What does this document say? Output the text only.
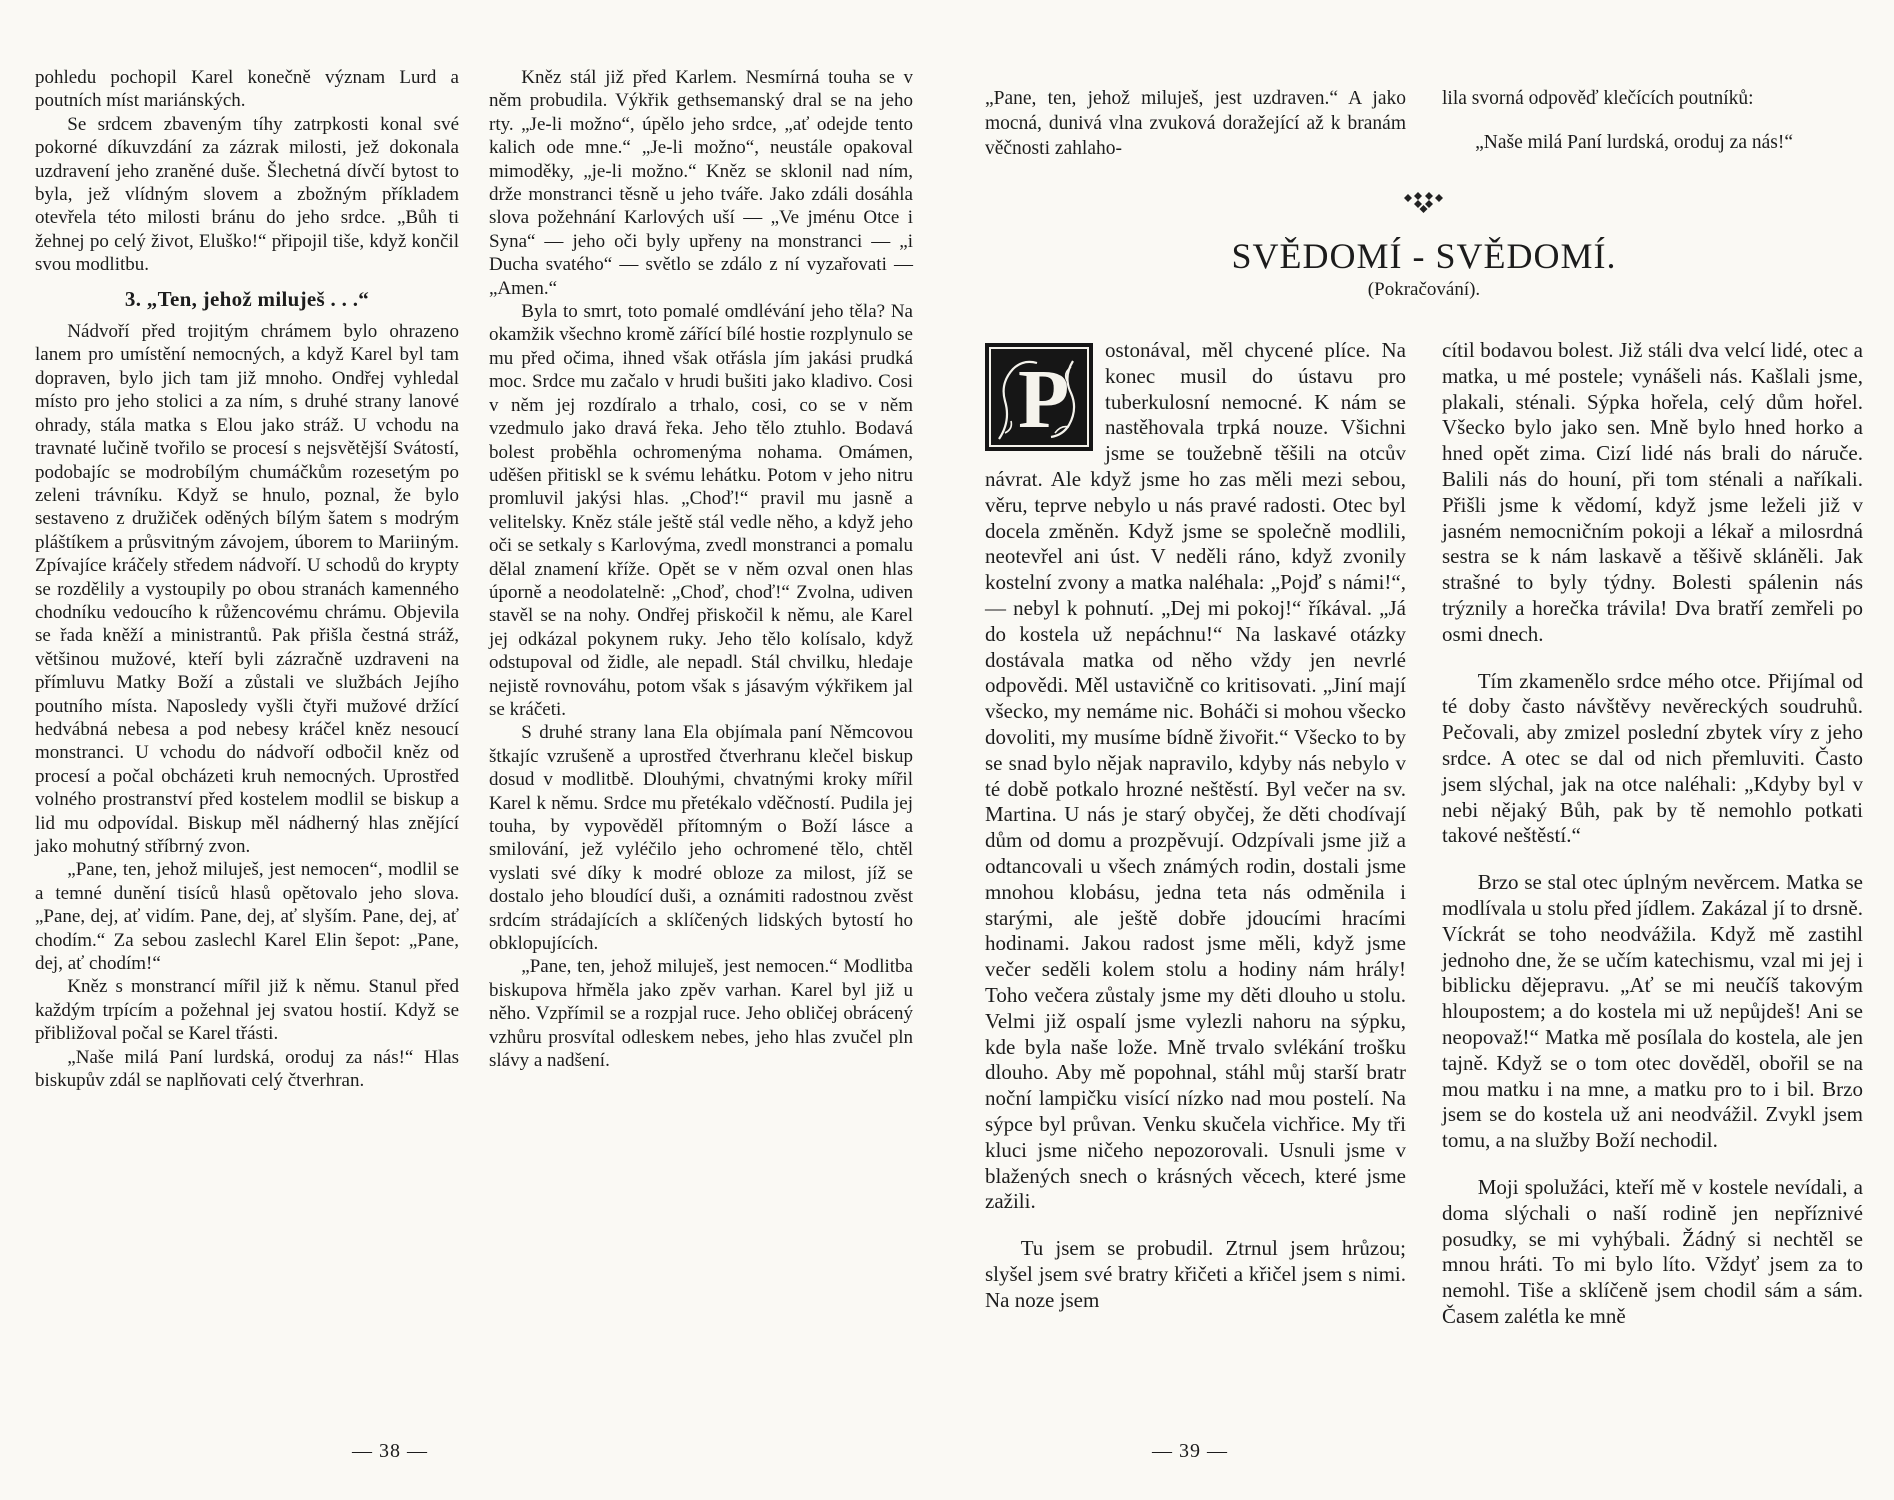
pohledu pochopil Karel konečně význam Lurd a poutních míst mariánských.

Se srdcem zbaveným tíhy zatrpkosti konal své pokorné díkuvzdání za zázrak milosti, jež dokonala uzdravení jeho zraněné duše. Šlechetná dívčí bytost to byla, jež vlídným slovem a zbožným příkladem otevřela této milosti bránu do jeho srdce. „Bůh ti žehnej po celý život, Eluško!“ připojil tiše, když končil svou modlitbu.

3. „Ten, jehož miluješ . . .“

Nádvoří před trojitým chrámem bylo ohrazeno lanem pro umístění nemocných, a když Karel byl tam dopraven, bylo jich tam již mnoho. Ondřej vyhledal místo pro jeho stolici a za ním, s druhé strany lanové ohrady, stála matka s Elou jako stráž. U vchodu na travnaté lučině tvořilo se procesí s nejsvětější Svátostí, podobajíc se modrobílým chumáčkům rozesetým po zeleni trávníku. Když se hnulo, poznal, že bylo sestaveno z družiček oděných bílým šatem s modrým pláštíkem a průsvitným závojem, úborem to Mariiným. Zpívajíce kráčely středem nádvoří. U schodů do krypty se rozdělily a vystoupily po obou stranách kamenného chodníku vedoucího k růžencovému chrámu. Objevila se řada kněží a ministrantů. Pak přišla čestná stráž, většinou mužové, kteří byli zázračně uzdraveni na přímluvu Matky Boží a zůstali ve službách Jejího poutního místa. Naposledy vyšli čtyři mužové držící hedvábná nebesa a pod nebesy kráčel kněz nesoucí monstranci. U vchodu do nádvoří odbočil kněz od procesí a počal obcházeti kruh nemocných. Uprostřed volného prostranství před kostelem modlil se biskup a lid mu odpovídal. Biskup měl nádherný hlas znějící jako mohutný stříbrný zvon.

„Pane, ten, jehož miluješ, jest nemocen“, modlil se a temné dunění tisíců hlasů opětovalo jeho slova. „Pane, dej, ať vidím. Pane, dej, ať slyším. Pane, dej, ať chodím.“ Za sebou zaslechl Karel Elin šepot: „Pane, dej, ať chodím!“

Kněz s monstrancí mířil již k němu. Stanul před každým trpícím a požehnal jej svatou hostií. Když se přibližoval počal se Karel třásti.

„Naše milá Paní lurdská, oroduj za nás!“ Hlas biskupův zdál se naplňovati celý čtverhran.

Kněz stál již před Karlem. Nesmírná touha se v něm probudila. Výkřik gethsemanský dral se na jeho rty. „Je-li možno“, úpělo jeho srdce, „ať odejde tento kalich ode mne.“ „Je-li možno“, neustále opakoval mimoděky, „je-li možno.“ Kněz se sklonil nad ním, drže monstranci těsně u jeho tváře. Jako zdáli dosáhla slova požehnání Karlových uší — „Ve jménu Otce i Syna“ — jeho oči byly upřeny na monstranci — „i Ducha svatého“ — světlo se zdálo z ní vyzařovati — „Amen.“

Byla to smrt, toto pomalé omdlévání jeho těla? Na okamžik všechno kromě zářící bílé hostie rozplynulo se mu před očima, ihned však otřásla jím jakási prudká moc. Srdce mu začalo v hrudi bušiti jako kladivo. Cosi v něm jej rozdíralo a trhalo, cosi, co se v něm vzedmulo jako dravá řeka. Jeho tělo ztuhlo. Bodavá bolest proběhla ochromenýma nohama. Omámen, uděšen přitiskl se k svému lehátku. Potom v jeho nitru promluvil jakýsi hlas. „Choď!“ pravil mu jasně a velitelsky. Kněz stále ještě stál vedle něho, a když jeho oči se setkaly s Karlovýma, zvedl monstranci a pomalu dělal znamení kříže. Opět se v něm ozval onen hlas úporně a neodolatelně: „Choď, choď!“ Zvolna, udiven stavěl se na nohy. Ondřej přiskočil k němu, ale Karel jej odkázal pokynem ruky. Jeho tělo kolísalo, když odstupoval od židle, ale nepadl. Stál chvilku, hledaje nejistě rovnováhu, potom však s jásavým výkřikem jal se kráčeti.

S druhé strany lana Ela objímala paní Němcovou štkajíc vzrušeně a uprostřed čtverhranu klečel biskup dosud v modlitbě. Dlouhými, chvatnými kroky mířil Karel k němu. Srdce mu přetékalo vděčností. Pudila jej touha, by vypověděl přítomným o Boží lásce a smilování, jež vyléčilo jeho ochromené tělo, chtěl vyslati své díky k modré obloze za milost, jíž se dostalo jeho bloudící duši, a oznámiti radostnou zvěst srdcím strádajících a sklíčených lidských bytostí ho obklopujících.

„Pane, ten, jehož miluješ, jest nemocen.“ Modlitba biskupova hřměla jako zpěv varhan. Karel byl již u něho. Vzpřímil se a rozpjal ruce. Jeho obličej obrácený vzhůru prosvítal odleskem nebes, jeho hlas zvučel pln slávy a nadšení.

„Pane, ten, jehož miluješ, jest uzdraven.“ A jako mocná, dunivá vlna zvuková doražející až k branám věčnosti zahlaho-

lila svorná odpověď klečících poutníků:

„Naše milá Paní lurdská, oroduj za nás!“

SVĚDOMÍ - SVĚDOMÍ.
(Pokračování).

P
ostonával, měl chycené plíce. Na konec musil do ústavu pro tuberkulosní nemocné. K nám se nastěhovala trpká nouze. Všichni jsme se toužebně těšili na otcův návrat. Ale když jsme ho zas měli mezi sebou, věru, teprve nebylo u nás pravé radosti. Otec byl docela změněn. Když jsme se společně modlili, neotevřel ani úst. V neděli ráno, když zvonily kostelní zvony a matka naléhala: „Pojď s námi!“, — nebyl k pohnutí. „Dej mi pokoj!“ říkával. „Já do kostela už nepáchnu!“ Na laskavé otázky dostávala matka od něho vždy jen nevrlé odpovědi. Měl ustavičně co kritisovati. „Jiní mají všecko, my nemáme nic. Boháči si mohou všecko dovoliti, my musíme bídně živořit.“ Všecko to by se snad bylo nějak napravilo, kdyby nás nebylo v té době potkalo hrozné neštěstí. Byl večer na sv. Martina. U nás je starý obyčej, že děti chodívají dům od domu a prozpěvují. Odzpívali jsme již a odtancovali u všech známých rodin, dostali jsme mnohou klobásu, jedna teta nás odměnila i starými, ale ještě dobře jdoucími hracími hodinami. Jakou radost jsme měli, když jsme večer seděli kolem stolu a hodiny nám hrály! Toho večera zůstaly jsme my děti dlouho u stolu. Velmi již ospalí jsme vylezli nahoru na sýpku, kde byla naše lože. Mně trvalo svlékání trošku dlouho. Aby mě popohnal, stáhl můj starší bratr noční lampičku visící nízko nad mou postelí. Na sýpce byl průvan. Venku skučela vichřice. My tři kluci jsme ničeho nepozorovali. Usnuli jsme v blažených snech o krásných věcech, které jsme zažili.

Tu jsem se probudil. Ztrnul jsem hrůzou; slyšel jsem své bratry křičeti a křičel jsem s nimi. Na noze jsem

cítil bodavou bolest. Již stáli dva velcí lidé, otec a matka, u mé postele; vynášeli nás. Kašlali jsme, plakali, sténali. Sýpka hořela, celý dům hořel. Všecko bylo jako sen. Mně bylo hned horko a hned opět zima. Cizí lidé nás brali do náruče. Balili nás do houní, při tom sténali a naříkali. Přišli jsme k vědomí, když jsme leželi již v jasném nemocničním pokoji a lékař a milosrdná sestra se k nám laskavě a těšivě skláněli. Jak strašné to byly týdny. Bolesti spálenin nás trýznily a horečka trávila! Dva bratří zemřeli po osmi dnech.

Tím zkamenělo srdce mého otce. Přijímal od té doby často návštěvy nevěreckých soudruhů. Pečovali, aby zmizel poslední zbytek víry z jeho srdce. A otec se dal od nich přemluviti. Často jsem slýchal, jak na otce naléhali: „Kdyby byl v nebi nějaký Bůh, pak by tě nemohlo potkati takové neštěstí.“

Brzo se stal otec úplným nevěrcem. Matka se modlívala u stolu před jídlem. Zakázal jí to drsně. Víckrát se toho neodvážila. Když mě zastihl jednoho dne, že se učím katechismu, vzal mi jej i biblicku dějepravu. „Ať se mi neučíš takovým hloupostem; a do kostela mi už nepůjdeš! Ani se neopovaž!“ Matka mě posílala do kostela, ale jen tajně. Když se o tom otec dověděl, obořil se na mou matku i na mne, a matku pro to i bil. Brzo jsem se do kostela už ani neodvážil. Zvykl jsem tomu, a na služby Boží nechodil.

Moji spolužáci, kteří mě v kostele nevídali, a doma slýchali o naší rodině jen nepříznivé posudky, se mi vyhýbali. Žádný si nechtěl se mnou hráti. To mi bylo líto. Vždyť jsem za to nemohl. Tiše a sklíčeně jsem chodil sám a sám. Časem zalétla ke mně

— 38 —	— 39 —
